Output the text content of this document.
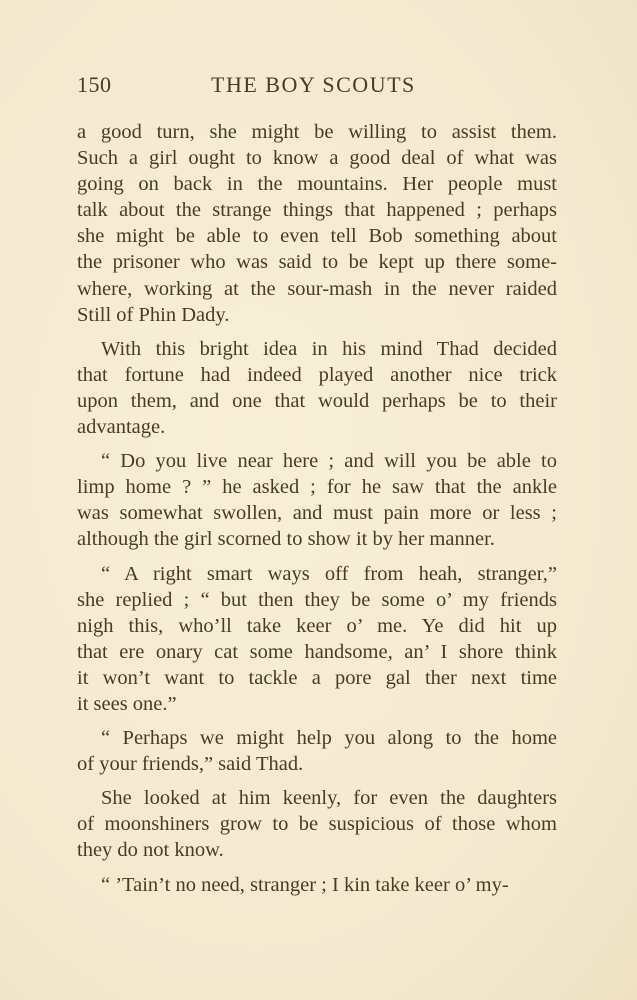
150	THE BOY SCOUTS
a good turn, she might be willing to assist them.
Such a girl ought to know a good deal of what was
going on back in the mountains. Her people must
talk about the strange things that happened ; perhaps
she might be able to even tell Bob something about
the prisoner who was said to be kept up there some-
where, working at the sour-mash in the never raided
Still of Phin Dady.
With this bright idea in his mind Thad decided
that fortune had indeed played another nice trick
upon them, and one that would perhaps be to their
advantage.
“ Do you live near here ; and will you be able to
limp home ? ” he asked ; for he saw that the ankle
was somewhat swollen, and must pain more or less ;
although the girl scorned to show it by her manner.
“ A right smart ways off from heah, stranger,”
she replied ; “ but then they be some o’ my friends
nigh this, who’ll take keer o’ me. Ye did hit up
that ere onary cat some handsome, an’ I shore think
it won’t want to tackle a pore gal ther next time
it sees one.”
“ Perhaps we might help you along to the home
of your friends,” said Thad.
She looked at him keenly, for even the daughters
of moonshiners grow to be suspicious of those whom
they do not know.
“ ’Tain’t no need, stranger ; I kin take keer o’ my-
